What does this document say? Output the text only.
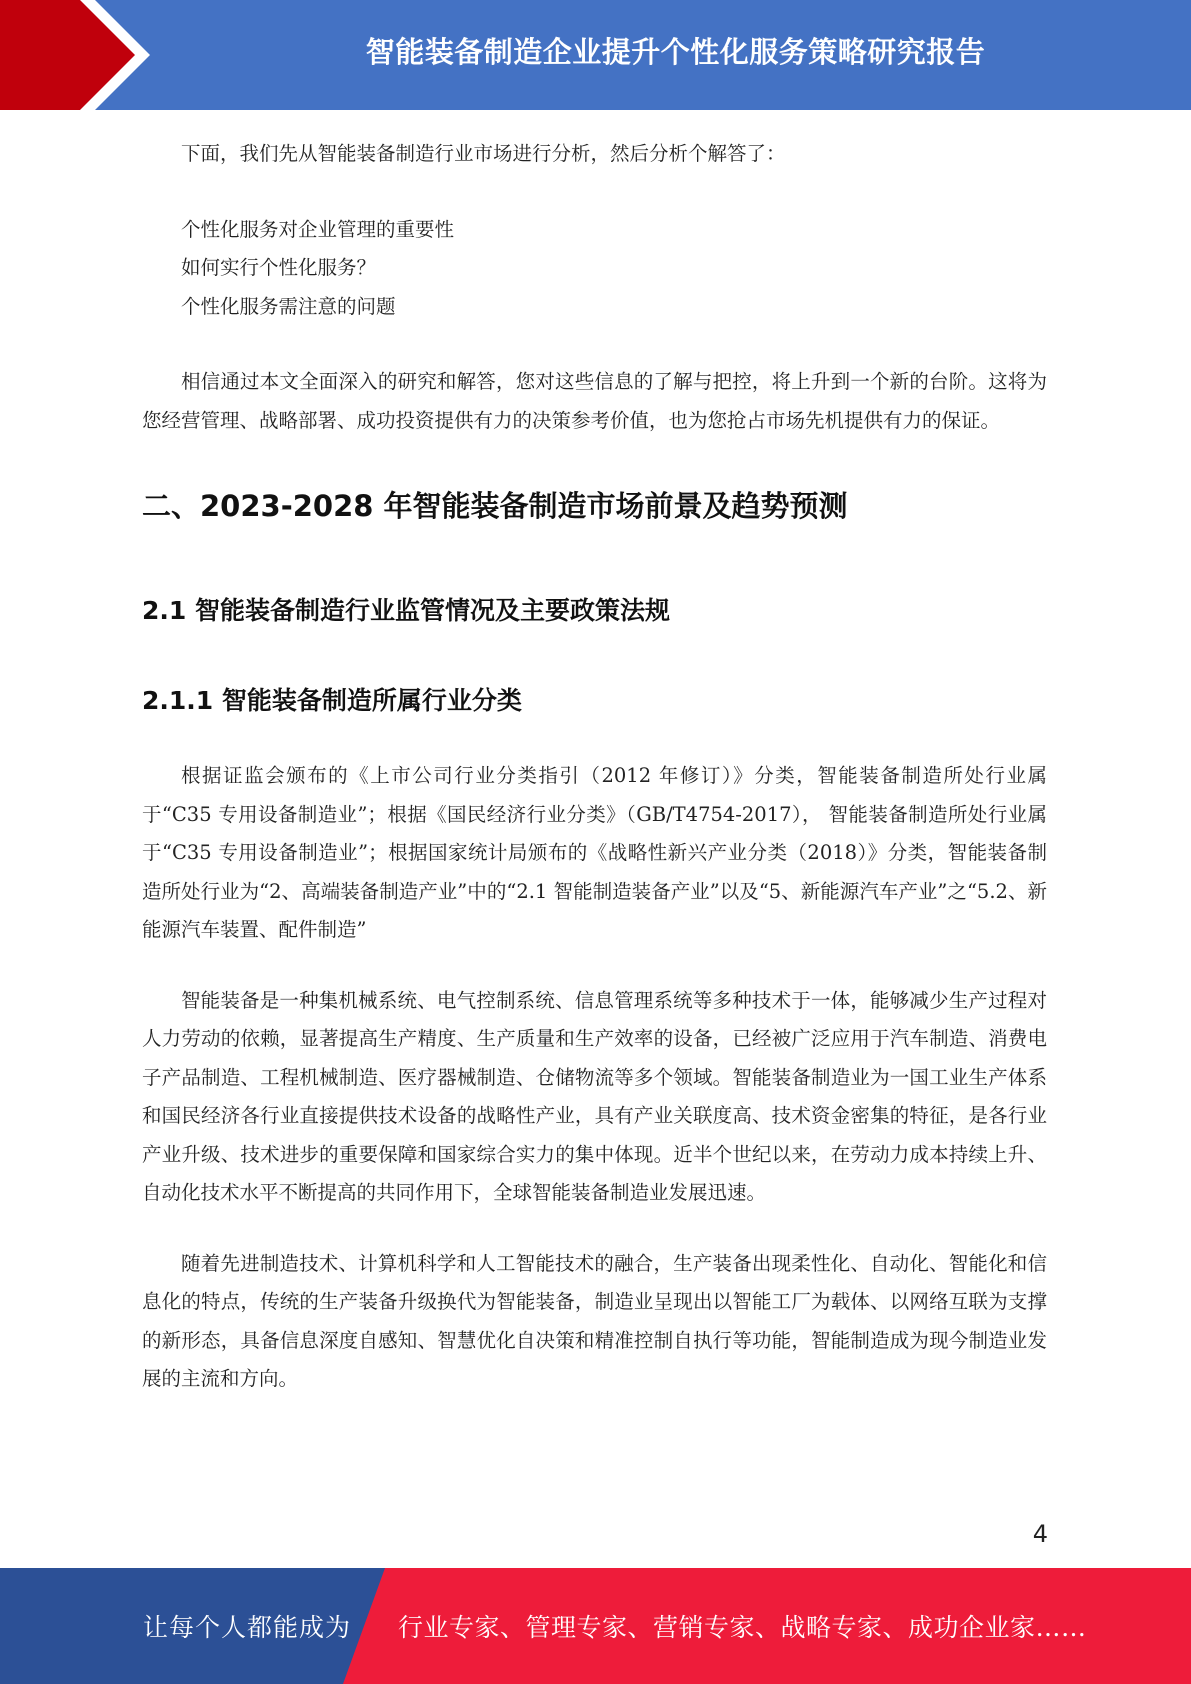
智能装备制造企业提升个性化服务策略研究报告

下面，我们先从智能装备制造行业市场进行分析，然后分析个解答了：

个性化服务对企业管理的重要性
如何实行个性化服务？
个性化服务需注意的问题

相信通过本文全面深入的研究和解答，您对这些信息的了解与把控，将上升到一个新的台阶。这将为您经营管理、战略部署、成功投资提供有力的决策参考价值，也为您抢占市场先机提供有力的保证。

二、2023-2028 年智能装备制造市场前景及趋势预测
2.1 智能装备制造行业监管情况及主要政策法规
2.1.1 智能装备制造所属行业分类

根据证监会颁布的《上市公司行业分类指引（2012 年修订）》分类，智能装备制造所处行业属于“C35 专用设备制造业”；根据《国民经济行业分类》（GB/T4754-2017）， 智能装备制造所处行业属于“C35 专用设备制造业”；根据国家统计局颁布的《战略性新兴产业分类（2018）》分类，智能装备制造所处行业为“2、高端装备制造产业”中的“2.1 智能制造装备产业”以及“5、新能源汽车产业”之“5.2、新能源汽车装置、配件制造”

智能装备是一种集机械系统、电气控制系统、信息管理系统等多种技术于一体，能够减少生产过程对人力劳动的依赖，显著提高生产精度、生产质量和生产效率的设备，已经被广泛应用于汽车制造、消费电子产品制造、工程机械制造、医疗器械制造、仓储物流等多个领域。智能装备制造业为一国工业生产体系和国民经济各行业直接提供技术设备的战略性产业，具有产业关联度高、技术资金密集的特征，是各行业产业升级、技术进步的重要保障和国家综合实力的集中体现。近半个世纪以来，在劳动力成本持续上升、自动化技术水平不断提高的共同作用下，全球智能装备制造业发展迅速。

随着先进制造技术、计算机科学和人工智能技术的融合，生产装备出现柔性化、自动化、智能化和信息化的特点，传统的生产装备升级换代为智能装备，制造业呈现出以智能工厂为载体、以网络互联为支撑的新形态，具备信息深度自感知、智慧优化自决策和精准控制自执行等功能，智能制造成为现今制造业发展的主流和方向。

4
让每个人都能成为 行业专家、管理专家、营销专家、战略专家、成功企业家……
